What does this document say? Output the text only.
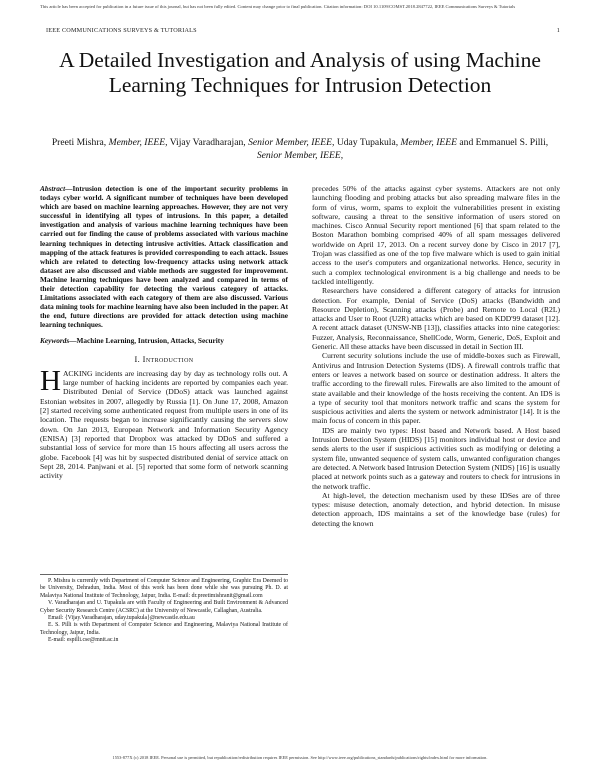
This article has been accepted for publication in a future issue of this journal, but has not been fully edited. Content may change prior to final publication. Citation information: DOI 10.1109/COMST.2018.2847722, IEEE Communications Surveys & Tutorials
IEEE COMMUNICATIONS SURVEYS & TUTORIALS	1
A Detailed Investigation and Analysis of using Machine Learning Techniques for Intrusion Detection
Preeti Mishra, Member, IEEE, Vijay Varadharajan, Senior Member, IEEE, Uday Tupakula, Member, IEEE and Emmanuel S. Pilli, Senior Member, IEEE,

Abstract—Intrusion detection is one of the important security problems in todays cyber world. A significant number of techniques have been developed which are based on machine learning approaches. However, they are not very successful in identifying all types of intrusions. In this paper, a detailed investigation and analysis of various machine learning techniques have been carried out for finding the cause of problems associated with various machine learning techniques in detecting intrusive activities. Attack classification and mapping of the attack features is provided corresponding to each attack. Issues which are related to detecting low-frequency attacks using network attack dataset are also discussed and viable methods are suggested for improvement. Machine learning techniques have been analyzed and compared in terms of their detection capability for detecting the various category of attacks. Limitations associated with each category of them are also discussed. Various data mining tools for machine learning have also been included in the paper. At the end, future directions are provided for attack detection using machine learning techniques.

Keywords—Machine Learning, Intrusion, Attacks, Security

I. Introduction

HACKING incidents are increasing day by day as technology rolls out. A large number of hacking incidents are reported by companies each year. Distributed Denial of Service (DDoS) attack was launched against Estonian websites in 2007, allegedly by Russia [1]. On June 17, 2008, Amazon [2] started receiving some authenticated request from multiple users in one of its location. The requests began to increase significantly causing the servers slow down. On Jan 2013, European Network and Information Security Agency (ENISA) [3] reported that Dropbox was attacked by DDoS and suffered a substantial loss of service for more than 15 hours affecting all users across the globe. Facebook [4] was hit by suspected distributed denial of service attack on Sept 28, 2014. Panjwani et al. [5] reported that some form of network scanning activity

P. Mishra is currently with Department of Computer Science and Engineering, Graphic Era Deemed to be University, Dehradun, India. Most of this work has been done while she was pursuing Ph. D. at Malaviya National Institute of Technology, Jaipur, India. E-mail: dr.preetimishranit@gmail.com

V. Varadharajan and U. Tupakula are with Faculty of Engineering and Built Environment & Advanced Cyber Security Research Centre (ACSRC) at the University of Newcastle, Callaghan, Australia.

Email: {Vijay.Varadharajan, uday.tupakula}@newcastle.edu.au

E. S. Pilli is with Department of Computer Science and Engineering, Malaviya National Institute of Technology, Jaipur, India.

E-mail: espilli.cse@mnit.ac.in

precedes 50% of the attacks against cyber systems. Attackers are not only launching flooding and probing attacks but also spreading malware files in the form of virus, worm, spams to exploit the vulnerabilities present in existing software, causing a threat to the sensitive information of users stored on machines. Cisco Annual Security report mentioned [6] that spam related to the Boston Marathon bombing comprised 40% of all spam messages delivered worldwide on April 17, 2013. On a recent survey done by Cisco in 2017 [7], Trojan was classified as one of the top five malware which is used to gain initial access to the user's computers and organizational networks. Hence, security in such a complex technological environment is a big challenge and needs to be tackled intelligently.

Researchers have considered a different category of attacks for intrusion detection. For example, Denial of Service (DoS) attacks (Bandwidth and Resource Depletion), Scanning attacks (Probe) and Remote to Local (R2L) attacks and User to Root (U2R) attacks which are based on KDD'99 dataset [12]. A recent attack dataset (UNSW-NB [13]), classifies attacks into nine categories: Fuzzer, Analysis, Reconnaissance, ShellCode, Worm, Generic, DoS, Exploit and Generic. All these attacks have been discussed in detail in Section III.

Current security solutions include the use of middle-boxes such as Firewall, Antivirus and Intrusion Detection Systems (IDS). A firewall controls traffic that enters or leaves a network based on source or destination address. It alters the traffic according to the firewall rules. Firewalls are also limited to the amount of state available and their knowledge of the hosts receiving the content. An IDS is a type of security tool that monitors network traffic and scans the system for suspicious activities and alerts the system or network administrator [14]. It is the main focus of concern in this paper.

IDS are mainly two types: Host based and Network based. A Host based Intrusion Detection System (HIDS) [15] monitors individual host or device and sends alerts to the user if suspicious activities such as modifying or deleting a system file, unwanted sequence of system calls, unwanted configuration changes are detected. A Network based Intrusion Detection System (NIDS) [16] is usually placed at network points such as a gateway and routers to check for intrusions in the network traffic.

At high-level, the detection mechanism used by these IDSes are of three types: misuse detection, anomaly detection, and hybrid detection. In misuse detection approach, IDS maintains a set of the knowledge base (rules) for detecting the known

1553-877X (c) 2018 IEEE. Personal use is permitted, but republication/redistribution requires IEEE permission. See http://www.ieee.org/publications_standards/publications/rights/index.html for more information.
